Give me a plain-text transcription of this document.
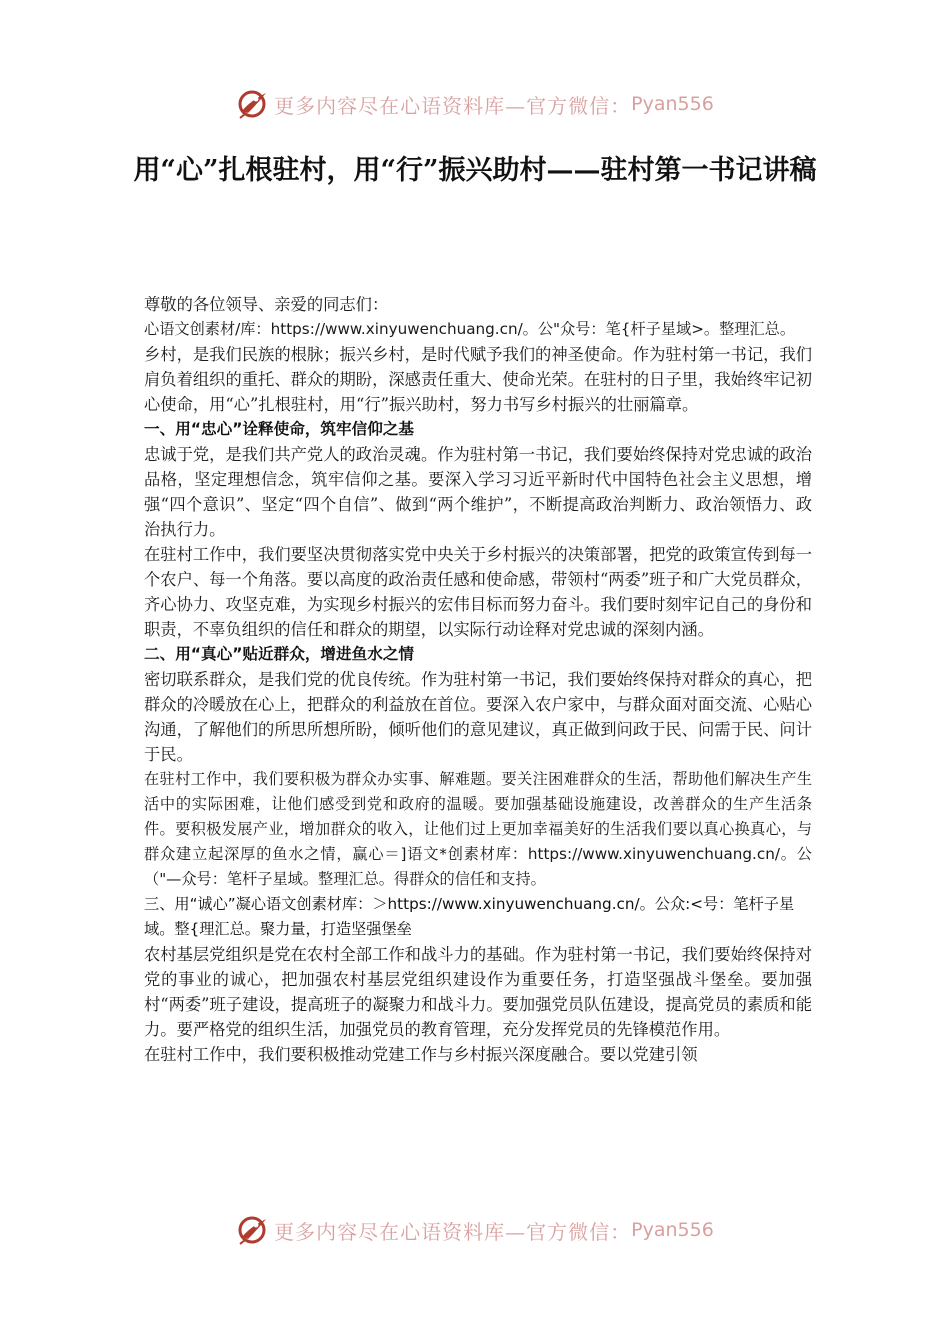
更多内容尽在心语资料库—官方微信： Pyan556
用“心”扎根驻村，用“行”振兴助村——驻村第一书记讲稿

尊敬的各位领导、亲爱的同志们：

心语文创素材/库：https://www.xinyuwenchuang.cn/。公"众号：笔{杆子星域>。整理汇总。

乡村，是我们民族的根脉；振兴乡村，是时代赋予我们的神圣使命。作为驻村第一书记，我们肩负着组织的重托、群众的期盼，深感责任重大、使命光荣。在驻村的日子里，我始终牢记初心使命，用“心”扎根驻村，用“行”振兴助村，努力书写乡村振兴的壮丽篇章。

一、用“忠心”诠释使命，筑牢信仰之基

忠诚于党，是我们共产党人的政治灵魂。作为驻村第一书记，我们要始终保持对党忠诚的政治品格，坚定理想信念，筑牢信仰之基。要深入学习习近平新时代中国特色社会主义思想，增强“四个意识”、坚定“四个自信”、做到“两个维护”，不断提高政治判断力、政治领悟力、政治执行力。

在驻村工作中，我们要坚决贯彻落实党中央关于乡村振兴的决策部署，把党的政策宣传到每一个农户、每一个角落。要以高度的政治责任感和使命感，带领村“两委”班子和广大党员群众，齐心协力、攻坚克难，为实现乡村振兴的宏伟目标而努力奋斗。我们要时刻牢记自己的身份和职责，不辜负组织的信任和群众的期望，以实际行动诠释对党忠诚的深刻内涵。

二、用“真心”贴近群众，增进鱼水之情

密切联系群众，是我们党的优良传统。作为驻村第一书记，我们要始终保持对群众的真心，把群众的冷暖放在心上，把群众的利益放在首位。要深入农户家中，与群众面对面交流、心贴心沟通，了解他们的所思所想所盼，倾听他们的意见建议，真正做到问政于民、问需于民、问计于民。

在驻村工作中，我们要积极为群众办实事、解难题。要关注困难群众的生活，帮助他们解决生产生活中的实际困难，让他们感受到党和政府的温暖。要加强基础设施建设，改善群众的生产生活条件。要积极发展产业，增加群众的收入，让他们过上更加幸福美好的生活我们要以真心换真心，与群众建立起深厚的鱼水之情，赢心＝]语文*创素材库：https://www.xinyuwenchuang.cn/。公（"—众号：笔杆子星域。整理汇总。得群众的信任和支持。

三、用“诚心”凝心语文创素材库：＞https://www.xinyuwenchuang.cn/。公众:<号：笔杆子星域。整{理汇总。聚力量，打造坚强堡垒

农村基层党组织是党在农村全部工作和战斗力的基础。作为驻村第一书记，我们要始终保持对党的事业的诚心，把加强农村基层党组织建设作为重要任务，打造坚强战斗堡垒。要加强村“两委”班子建设，提高班子的凝聚力和战斗力。要加强党员队伍建设，提高党员的素质和能力。要严格党的组织生活，加强党员的教育管理，充分发挥党员的先锋模范作用。

在驻村工作中，我们要积极推动党建工作与乡村振兴深度融合。要以党建引领

更多内容尽在心语资料库—官方微信： Pyan556
